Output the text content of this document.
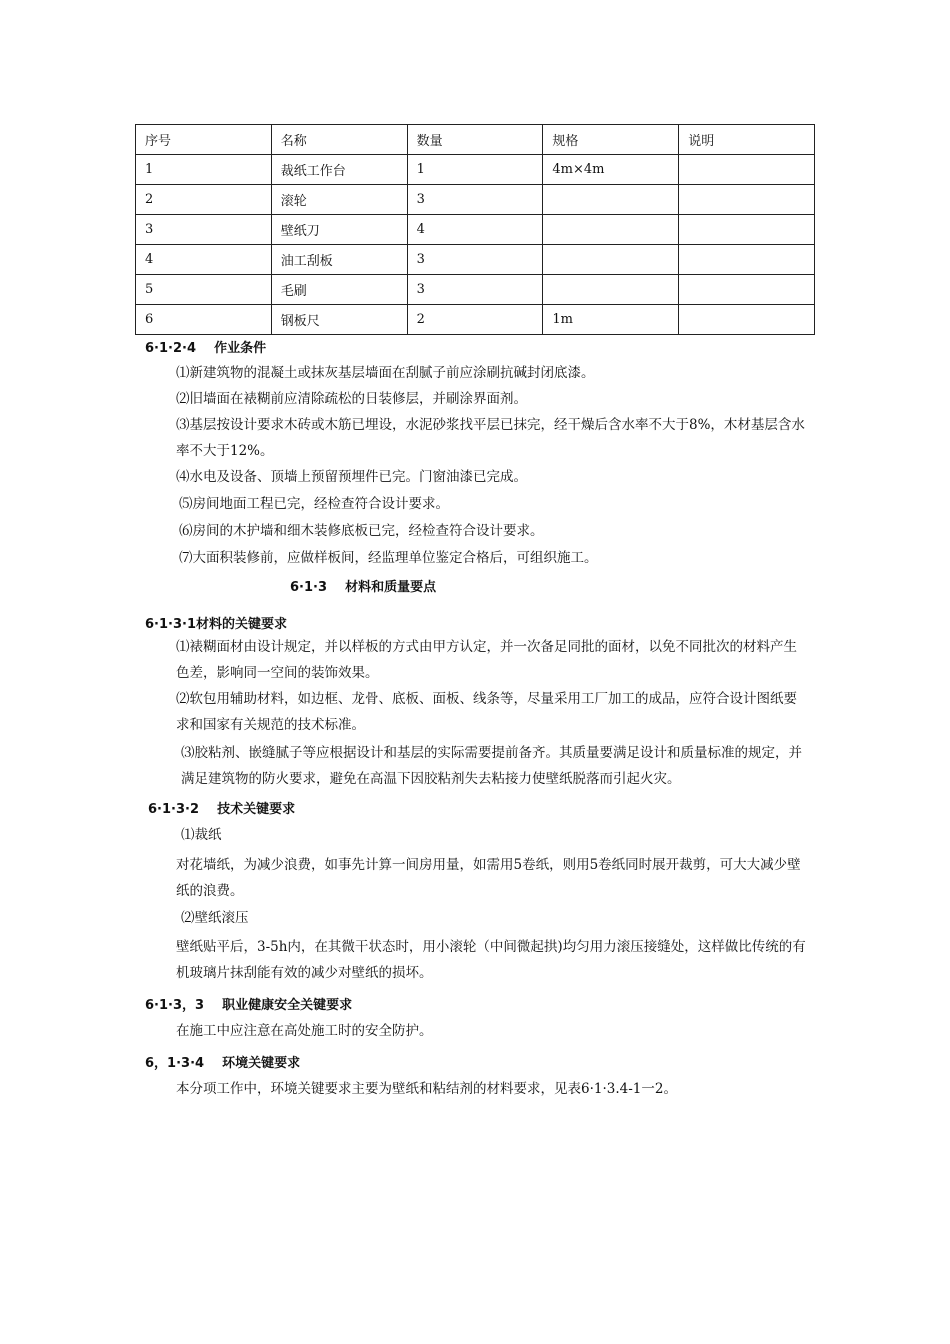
序号	名称	数量	规格	说明
1	裁纸工作台	1	4m×4m	
2	滚轮	3		
3	壁纸刀	4		
4	油工刮板	3		
5	毛刷	3		
6	钢板尺	2	1m	
6·1·2·4    作业条件

⑴新建筑物的混凝土或抹灰基层墙面在刮腻子前应涂刷抗碱封闭底漆。

⑵旧墙面在裱糊前应清除疏松的日装修层，并刷涂界面剂。

⑶基层按设计要求木砖或木筋已埋设，水泥砂浆找平层已抹完，经干燥后含水率不大于8%，木材基层含水率不大于12%。

⑷水电及设备、顶墙上预留预埋件已完。门窗油漆已完成。

⑸房间地面工程已完，经检查符合设计要求。

⑹房间的木护墙和细木装修底板已完，经检查符合设计要求。

⑺大面积装修前，应做样板间，经监理单位鉴定合格后，可组织施工。

6·1·3    材料和质量要点
6·1·3·1材料的关键要求

⑴裱糊面材由设计规定，并以样板的方式由甲方认定，并一次备足同批的面材，以免不同批次的材料产生色差，影响同一空间的装饰效果。

⑵软包用辅助材料，如边框、龙骨、底板、面板、线条等，尽量采用工厂加工的成品，应符合设计图纸要求和国家有关规范的技术标准。

⑶胶粘剂、嵌缝腻子等应根据设计和基层的实际需要提前备齐。其质量要满足设计和质量标准的规定，并满足建筑物的防火要求，避免在高温下因胶粘剂失去粘接力使壁纸脱落而引起火灾。

6·1·3·2    技术关键要求

⑴裁纸

对花墙纸，为减少浪费，如事先计算一间房用量，如需用5卷纸，则用5卷纸同时展开裁剪，可大大减少壁纸的浪费。

⑵壁纸滚压

壁纸贴平后，3-5h内，在其微干状态时，用小滚轮（中间微起拱)均匀用力滚压接缝处，这样做比传统的有机玻璃片抹刮能有效的减少对壁纸的损坏。

6·1·3，3    职业健康安全关键要求

在施工中应注意在高处施工时的安全防护。

6，1·3·4    环境关键要求

本分项工作中，环境关键要求主要为壁纸和粘结剂的材料要求，见表6·1·3.4-1一2。
